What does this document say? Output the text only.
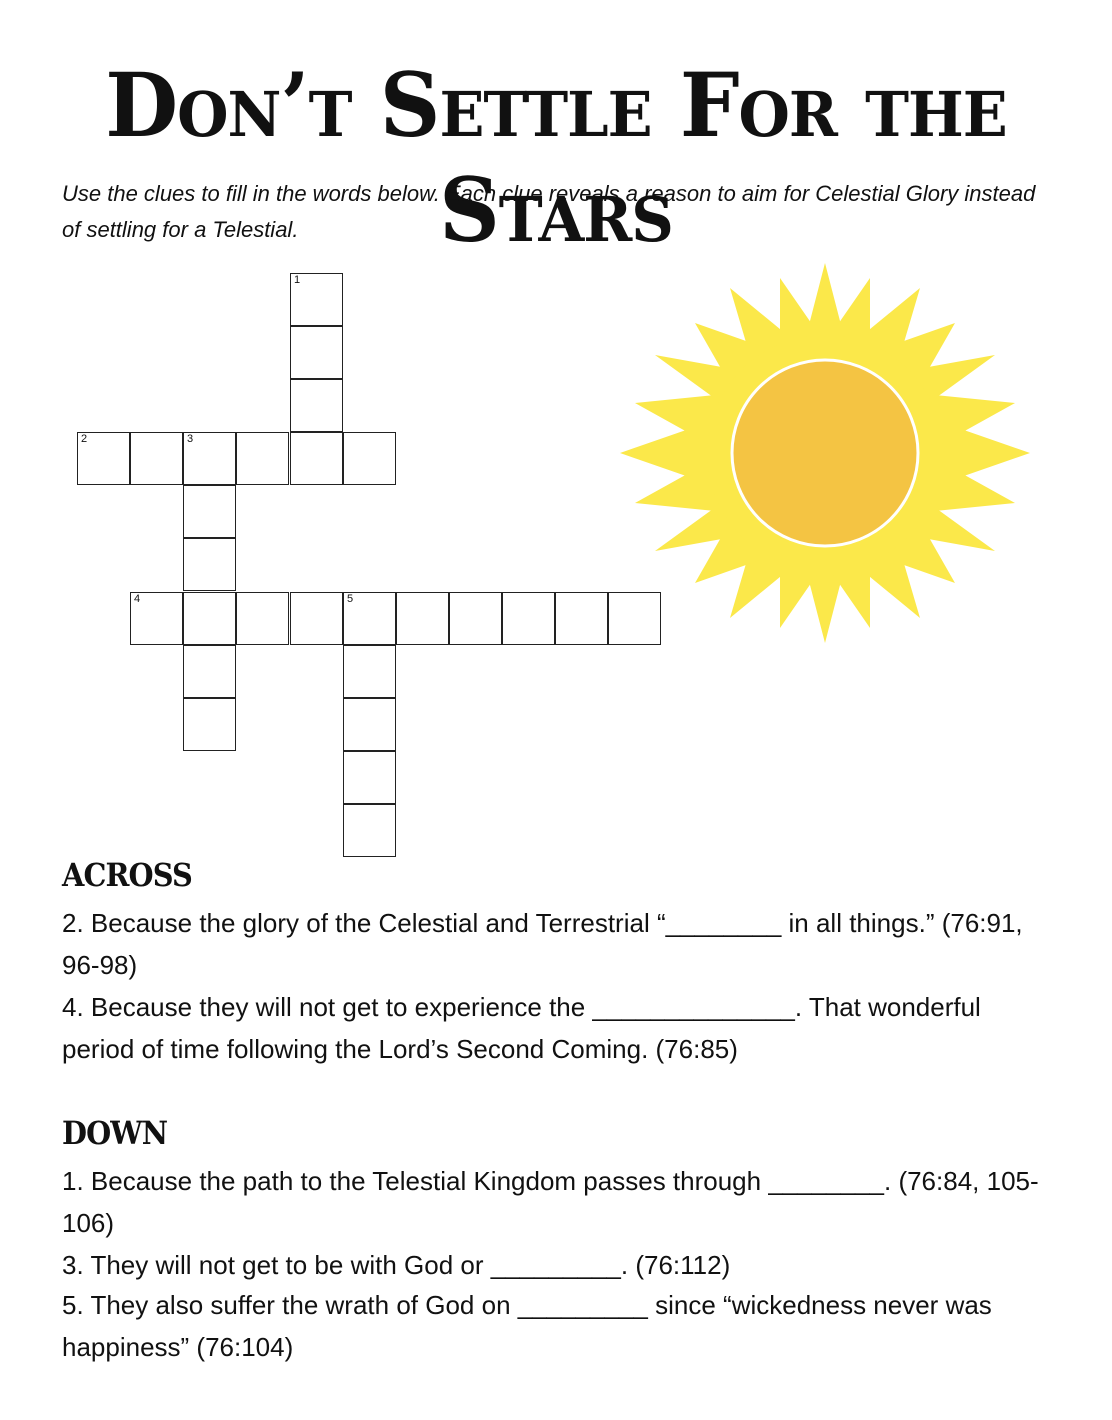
Don’t Settle For the Stars
Use the clues to fill in the words below. Each clue reveals a reason to aim for Celestial Glory instead of settling for a Telestial.
1
2	3
4	5
ACROSS
2. Because the glory of the Celestial and Terrestrial “________ in all things.” (76:91, 96-98)
4. Because they will not get to experience the ______________. That wonderful period of time following the Lord’s Second Coming. (76:85)
DOWN
1. Because the path to the Telestial Kingdom passes through ________. (76:84, 105-106)
3. They will not get to be with God or _________. (76:112)
5. They also suffer the wrath of God on _________ since “wickedness never was happiness” (76:104)
